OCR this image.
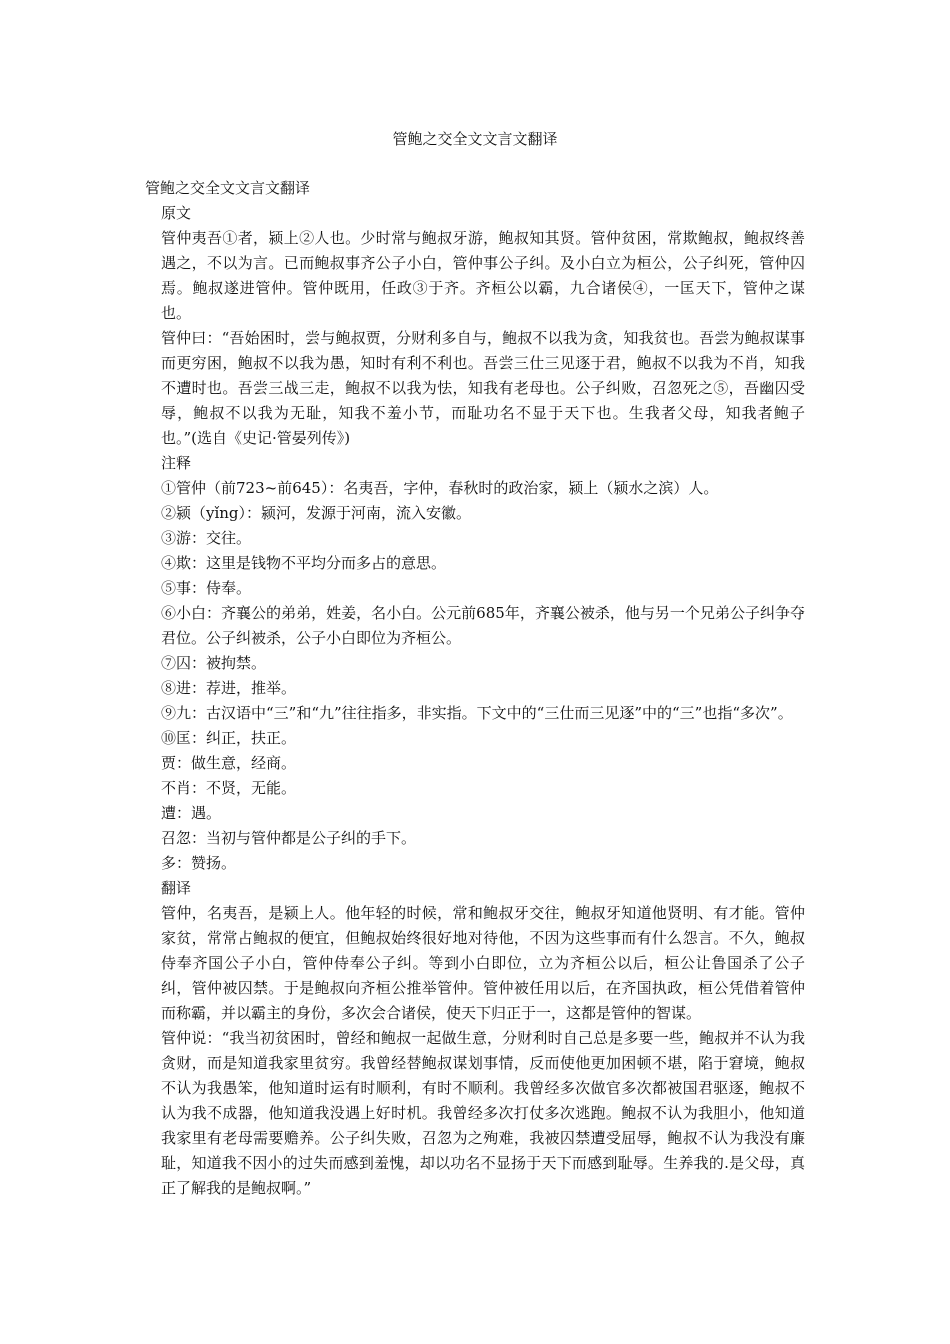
管鲍之交全文文言文翻译

管鲍之交全文文言文翻译

原文

管仲夷吾①者，颍上②人也。少时常与鲍叔牙游，鲍叔知其贤。管仲贫困，常欺鲍叔，鲍叔终善遇之，不以为言。已而鲍叔事齐公子小白，管仲事公子纠。及小白立为桓公，公子纠死，管仲囚焉。鲍叔遂进管仲。管仲既用，任政③于齐。齐桓公以霸，九合诸侯④，一匡天下，管仲之谋也。

管仲曰：“吾始困时，尝与鲍叔贾，分财利多自与，鲍叔不以我为贪，知我贫也。吾尝为鲍叔谋事而更穷困，鲍叔不以我为愚，知时有利不利也。吾尝三仕三见逐于君，鲍叔不以我为不肖，知我不遭时也。吾尝三战三走，鲍叔不以我为怯，知我有老母也。公子纠败，召忽死之⑤，吾幽囚受辱，鲍叔不以我为无耻，知我不羞小节，而耻功名不显于天下也。生我者父母，知我者鲍子也。”(选自《史记·管晏列传》)

注释

①管仲（前723~前645）：名夷吾，字仲，春秋时的政治家，颍上（颍水之滨）人。

②颍（yǐng）：颍河，发源于河南，流入安徽。

③游：交往。

④欺：这里是钱物不平均分而多占的意思。

⑤事：侍奉。

⑥小白：齐襄公的弟弟，姓姜，名小白。公元前685年，齐襄公被杀，他与另一个兄弟公子纠争夺君位。公子纠被杀，公子小白即位为齐桓公。

⑦囚：被拘禁。

⑧进：荐进，推举。

⑨九：古汉语中“三”和“九”往往指多，非实指。下文中的“三仕而三见逐”中的“三”也指“多次”。

⑩匡：纠正，扶正。

贾：做生意，经商。

不肖：不贤，无能。

遭：遇。

召忽：当初与管仲都是公子纠的手下。

多：赞扬。

翻译

管仲，名夷吾，是颍上人。他年轻的时候，常和鲍叔牙交往，鲍叔牙知道他贤明、有才能。管仲家贫，常常占鲍叔的便宜，但鲍叔始终很好地对待他，不因为这些事而有什么怨言。不久，鲍叔侍奉齐国公子小白，管仲侍奉公子纠。等到小白即位，立为齐桓公以后，桓公让鲁国杀了公子纠，管仲被囚禁。于是鲍叔向齐桓公推举管仲。管仲被任用以后，在齐国执政，桓公凭借着管仲而称霸，并以霸主的身份，多次会合诸侯，使天下归正于一，这都是管仲的智谋。

管仲说：“我当初贫困时，曾经和鲍叔一起做生意，分财利时自己总是多要一些，鲍叔并不认为我贪财，而是知道我家里贫穷。我曾经替鲍叔谋划事情，反而使他更加困顿不堪，陷于窘境，鲍叔不认为我愚笨，他知道时运有时顺利，有时不顺利。我曾经多次做官多次都被国君驱逐，鲍叔不认为我不成器，他知道我没遇上好时机。我曾经多次打仗多次逃跑。鲍叔不认为我胆小，他知道我家里有老母需要赡养。公子纠失败，召忽为之殉难，我被囚禁遭受屈辱，鲍叔不认为我没有廉耻，知道我不因小的过失而感到羞愧，却以功名不显扬于天下而感到耻辱。生养我的.是父母，真正了解我的是鲍叔啊。”
